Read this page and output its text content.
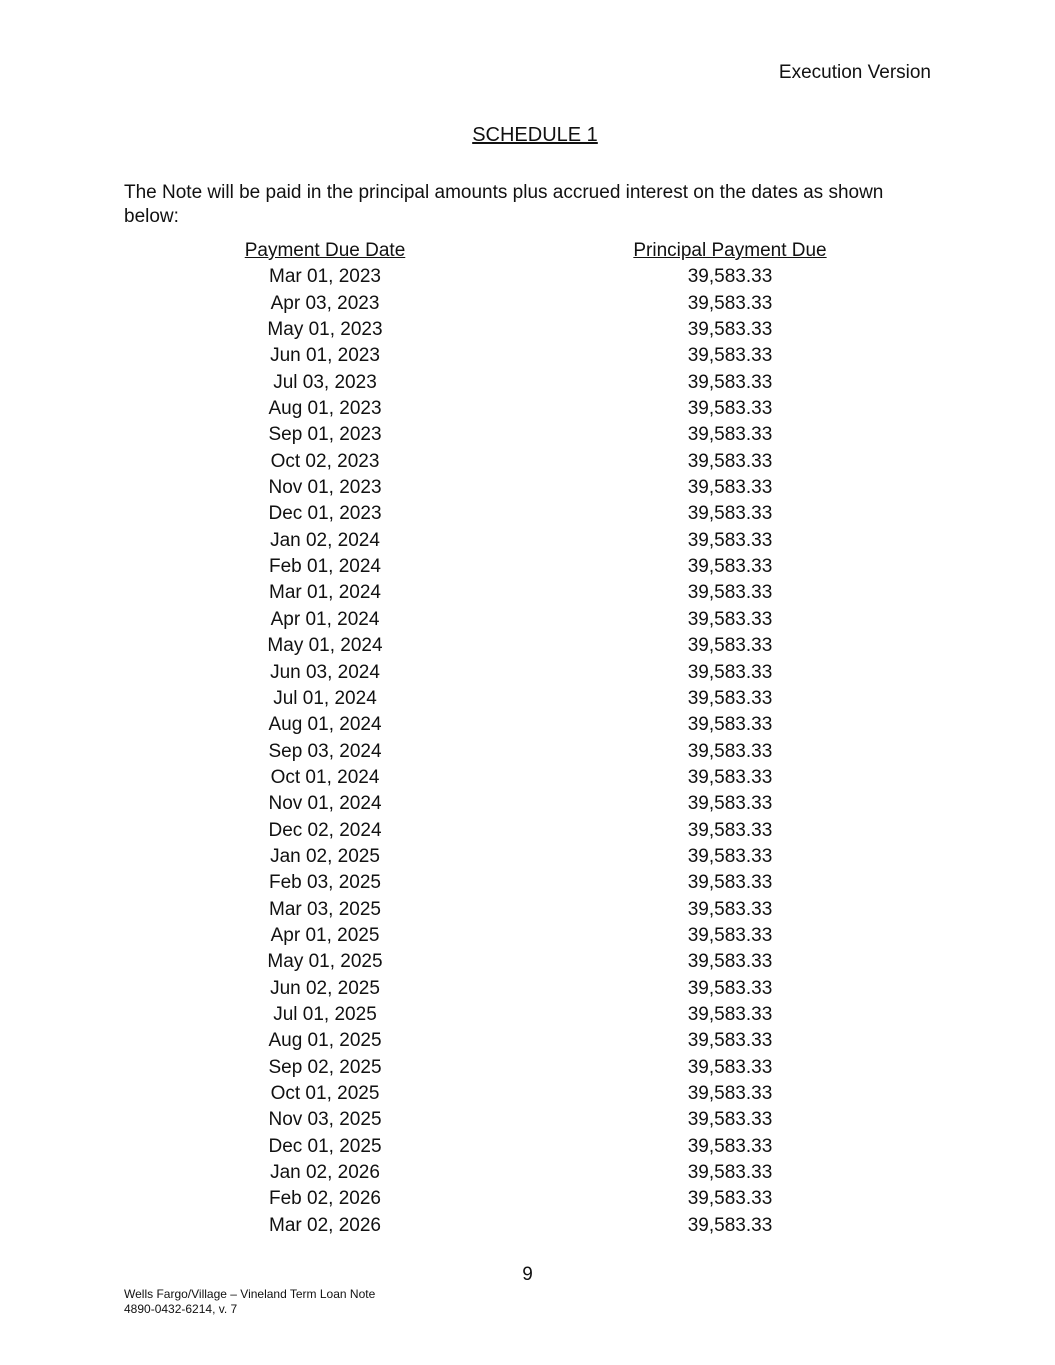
Execution Version
SCHEDULE 1
The Note will be paid in the principal amounts plus accrued interest on the dates as shown below:
Payment Due Date	Principal Payment Due
Mar 01, 2023	39,583.33
Apr 03, 2023	39,583.33
May 01, 2023	39,583.33
Jun 01, 2023	39,583.33
Jul 03, 2023	39,583.33
Aug 01, 2023	39,583.33
Sep 01, 2023	39,583.33
Oct 02, 2023	39,583.33
Nov 01, 2023	39,583.33
Dec 01, 2023	39,583.33
Jan 02, 2024	39,583.33
Feb 01, 2024	39,583.33
Mar 01, 2024	39,583.33
Apr 01, 2024	39,583.33
May 01, 2024	39,583.33
Jun 03, 2024	39,583.33
Jul 01, 2024	39,583.33
Aug 01, 2024	39,583.33
Sep 03, 2024	39,583.33
Oct 01, 2024	39,583.33
Nov 01, 2024	39,583.33
Dec 02, 2024	39,583.33
Jan 02, 2025	39,583.33
Feb 03, 2025	39,583.33
Mar 03, 2025	39,583.33
Apr 01, 2025	39,583.33
May 01, 2025	39,583.33
Jun 02, 2025	39,583.33
Jul 01, 2025	39,583.33
Aug 01, 2025	39,583.33
Sep 02, 2025	39,583.33
Oct 01, 2025	39,583.33
Nov 03, 2025	39,583.33
Dec 01, 2025	39,583.33
Jan 02, 2026	39,583.33
Feb 02, 2026	39,583.33
Mar 02, 2026	39,583.33
9
Wells Fargo/Village – Vineland Term Loan Note
4890-0432-6214, v. 7
